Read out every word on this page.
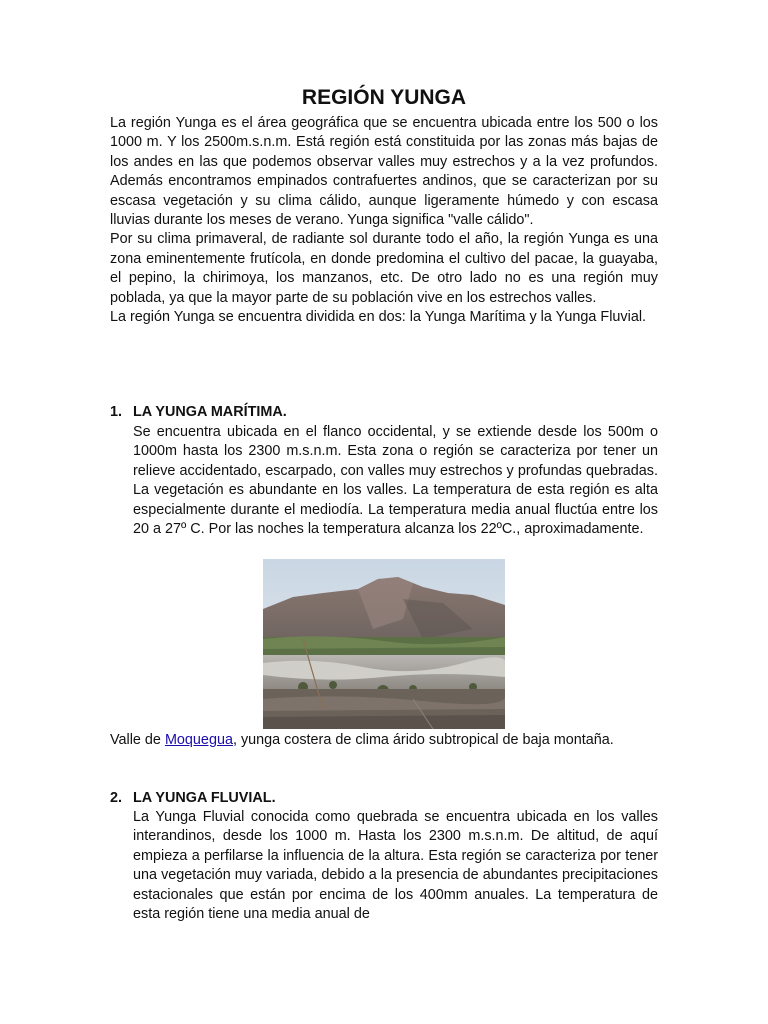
REGIÓN YUNGA
La región Yunga es el área geográfica que se encuentra ubicada entre los 500 o los 1000 m. Y los 2500m.s.n.m. Está región está constituida por las zonas más bajas de los andes en las que podemos observar valles muy estrechos y a la vez profundos. Además encontramos empinados contrafuertes andinos, que se caracterizan por su escasa vegetación y su clima cálido, aunque ligeramente húmedo y con escasa lluvias durante los meses de verano. Yunga significa "valle cálido".
Por su clima primaveral, de radiante sol durante todo el año, la región Yunga es una zona eminentemente frutícola, en donde predomina el cultivo del pacae, la guayaba, el pepino, la chirimoya, los manzanos, etc. De otro lado no es una región muy poblada, ya que la mayor parte de su población vive en los estrechos valles.
La región Yunga se encuentra dividida en dos: la Yunga Marítima y la Yunga Fluvial.
1. LA YUNGA MARÍTIMA.
Se encuentra ubicada en el flanco occidental, y se extiende desde los 500m o 1000m hasta los 2300 m.s.n.m. Esta zona o región se caracteriza por tener un relieve accidentado, escarpado, con valles muy estrechos y profundas quebradas. La vegetación es abundante en los valles. La temperatura de esta región es alta especialmente durante el mediodía. La temperatura media anual fluctúa entre los 20 a 27º C. Por las noches la temperatura alcanza los 22ºC., aproximadamente.
Valle de Moquegua, yunga costera de clima árido subtropical de baja montaña.
2. LA YUNGA FLUVIAL.
La Yunga Fluvial conocida como quebrada se encuentra ubicada en los valles interandinos, desde los 1000 m. Hasta los 2300 m.s.n.m. De altitud, de aquí empieza a perfilarse la influencia de la altura. Esta región se caracteriza por tener una vegetación muy variada, debido a la presencia de abundantes precipitaciones estacionales que están por encima de los 400mm anuales. La temperatura de esta región tiene una media anual de
